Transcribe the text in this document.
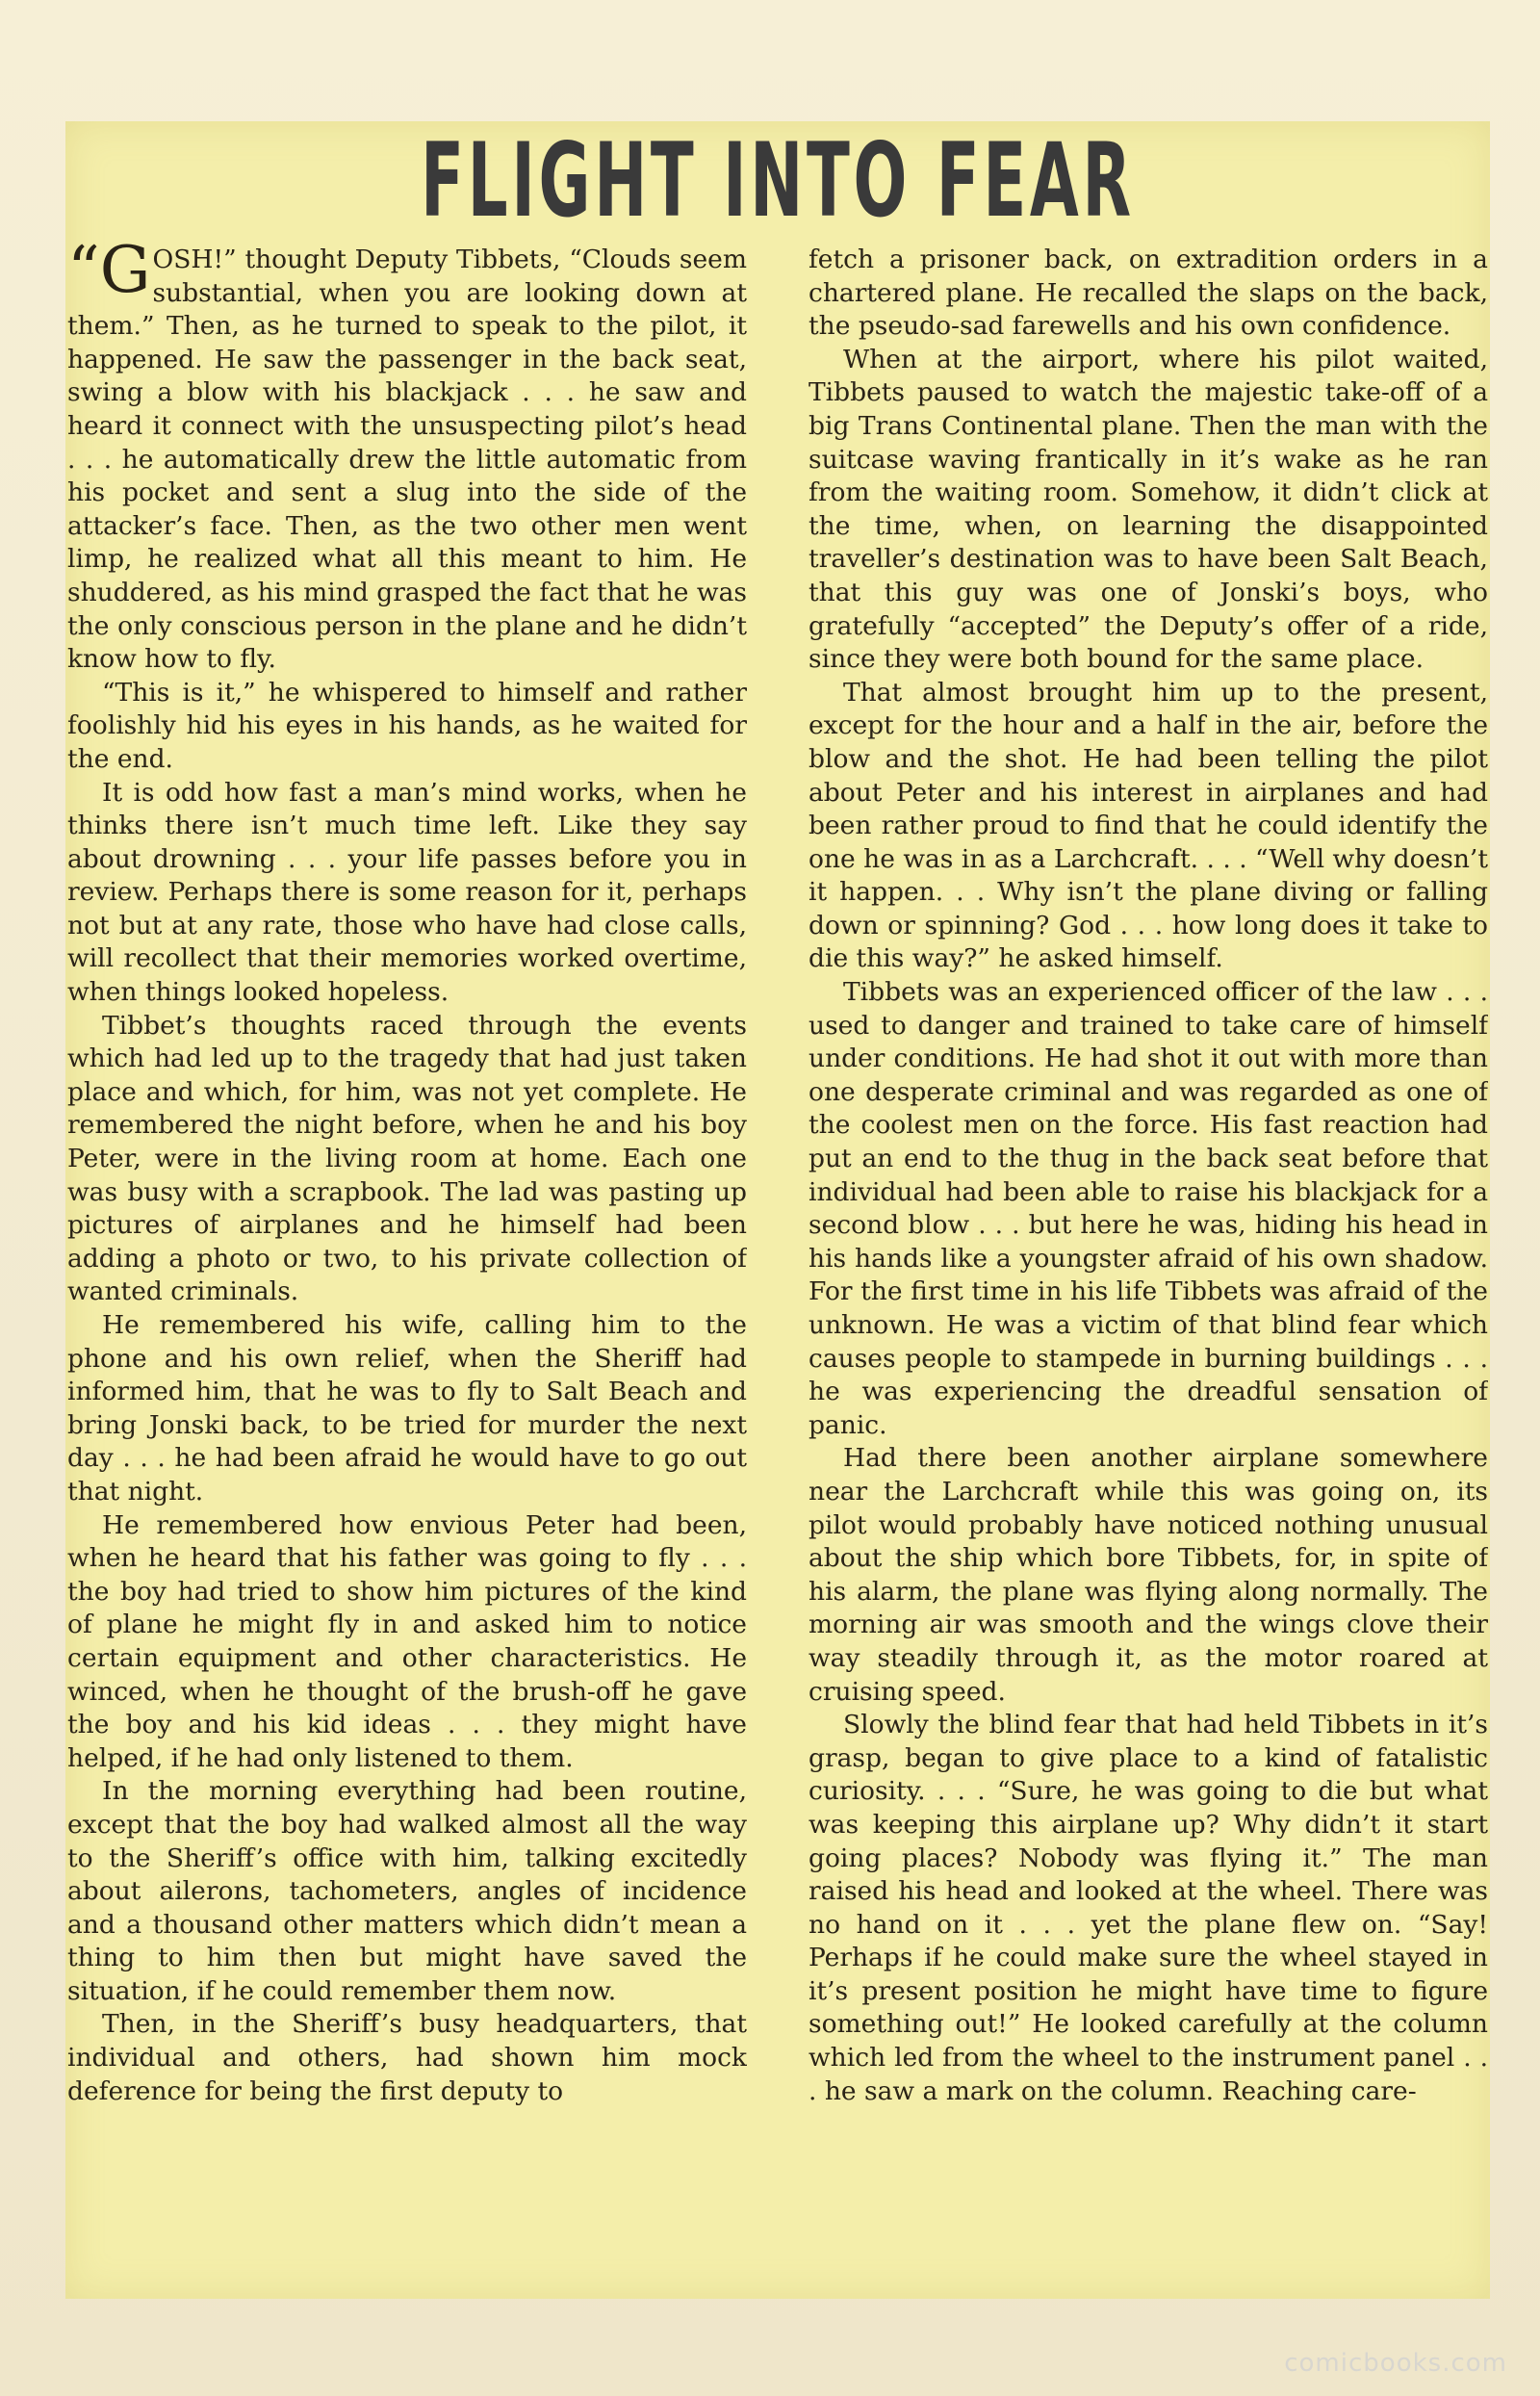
FLIGHT INTO FEAR

“GOSH!” thought Deputy Tibbets, “Clouds seem substantial, when you are looking down at them.” Then, as he turned to speak to the pilot, it happened. He saw the passenger in the back seat, swing a blow with his blackjack . . . he saw and heard it connect with the unsuspecting pilot’s head . . . he automatically drew the little automatic from his pocket and sent a slug into the side of the attacker’s face. Then, as the two other men went limp, he realized what all this meant to him. He shuddered, as his mind grasped the fact that he was the only conscious person in the plane and he didn’t know how to fly.

“This is it,” he whispered to himself and rather foolishly hid his eyes in his hands, as he waited for the end.

It is odd how fast a man’s mind works, when he thinks there isn’t much time left. Like they say about drowning . . . your life passes before you in review. Perhaps there is some reason for it, perhaps not but at any rate, those who have had close calls, will recollect that their memories worked overtime, when things looked hopeless.

Tibbet’s thoughts raced through the events which had led up to the tragedy that had just taken place and which, for him, was not yet complete. He remembered the night before, when he and his boy Peter, were in the living room at home. Each one was busy with a scrapbook. The lad was pasting up pictures of airplanes and he himself had been adding a photo or two, to his private collection of wanted criminals.

He remembered his wife, calling him to the phone and his own relief, when the Sheriff had informed him, that he was to fly to Salt Beach and bring Jonski back, to be tried for murder the next day . . . he had been afraid he would have to go out that night.

He remembered how envious Peter had been, when he heard that his father was going to fly . . . the boy had tried to show him pictures of the kind of plane he might fly in and asked him to notice certain equipment and other characteristics. He winced, when he thought of the brush-off he gave the boy and his kid ideas . . . they might have helped, if he had only listened to them.

In the morning everything had been routine, except that the boy had walked almost all the way to the Sheriff’s office with him, talking excitedly about ailerons, tachometers, angles of incidence and a thousand other matters which didn’t mean a thing to him then but might have saved the situation, if he could remember them now.

Then, in the Sheriff’s busy headquarters, that individual and others, had shown him mock deference for being the first deputy to

fetch a prisoner back, on extradition orders in a chartered plane. He recalled the slaps on the back, the pseudo-sad farewells and his own confidence.

When at the airport, where his pilot waited, Tibbets paused to watch the majestic take-off of a big Trans Continental plane. Then the man with the suitcase waving frantically in it’s wake as he ran from the waiting room. Somehow, it didn’t click at the time, when, on learning the disappointed traveller’s destination was to have been Salt Beach, that this guy was one of Jonski’s boys, who gratefully “accepted” the Deputy’s offer of a ride, since they were both bound for the same place.

That almost brought him up to the present, except for the hour and a half in the air, before the blow and the shot. He had been telling the pilot about Peter and his interest in airplanes and had been rather proud to find that he could identify the one he was in as a Larchcraft. . . . “Well why doesn’t it happen. . . Why isn’t the plane diving or falling down or spinning? God . . . how long does it take to die this way?” he asked himself.

Tibbets was an experienced officer of the law . . . used to danger and trained to take care of himself under conditions. He had shot it out with more than one desperate criminal and was regarded as one of the coolest men on the force. His fast reaction had put an end to the thug in the back seat before that individual had been able to raise his blackjack for a second blow . . . but here he was, hiding his head in his hands like a youngster afraid of his own shadow. For the first time in his life Tibbets was afraid of the unknown. He was a victim of that blind fear which causes people to stampede in burning buildings . . . he was experiencing the dreadful sensation of panic.

Had there been another airplane somewhere near the Larchcraft while this was going on, its pilot would probably have noticed nothing unusual about the ship which bore Tibbets, for, in spite of his alarm, the plane was flying along normally. The morning air was smooth and the wings clove their way steadily through it, as the motor roared at cruising speed.

Slowly the blind fear that had held Tibbets in it’s grasp, began to give place to a kind of fatalistic curiosity. . . . “Sure, he was going to die but what was keeping this airplane up? Why didn’t it start going places? Nobody was flying it.” The man raised his head and looked at the wheel. There was no hand on it . . . yet the plane flew on. “Say! Perhaps if he could make sure the wheel stayed in it’s present position he might have time to figure something out!” He looked carefully at the column which led from the wheel to the instrument panel . . . he saw a mark on the column. Reaching care-

comicbooks.com
